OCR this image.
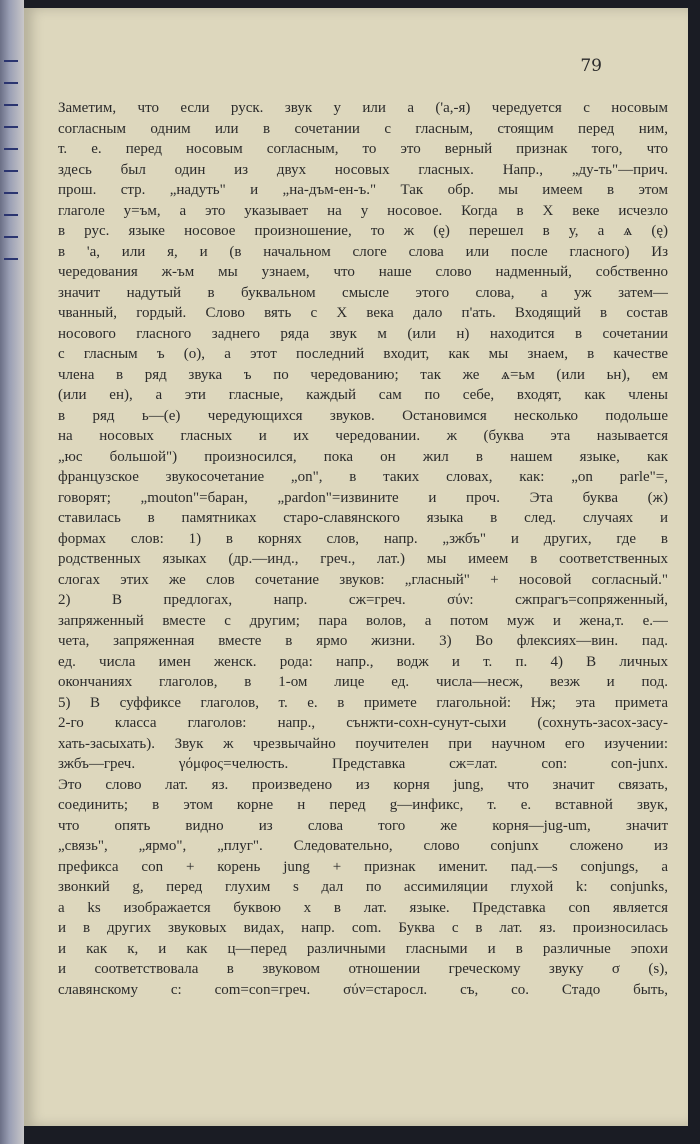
79
Заметим, что если руск. звук у или а ('а,-я) чередуется с носовым
согласным одним или в сочетании с гласным, стоящим перед ним,
т. е. перед носовым согласным, то это верный признак того, что
здесь был один из двух носовых гласных. Напр., „ду-ть"—прич.
прош. стр. „надуть" и „на-дъм-ен-ъ." Так обр. мы имеем в этом
глаголе у=ъм, а это указывает на у носовое. Когда в X веке исчезло
в рус. языке носовое произношение, то ж (ę) перешел в у, а ѧ (ę)
в 'а, или я, и (в начальном слоге слова или после гласного) Из
чередования ж-ъм мы узнаем, что наше слово надменный, собственно
значит надутый в буквальном смысле этого слова, а уж затем—
чванный, гордый. Слово вять с X века дало п'ать. Входящий в состав
носового гласного заднего ряда звук м (или н) находится в сочетании
с гласным ъ (о), а этот последний входит, как мы знаем, в качестве
члена в ряд звука ъ по чередованию; так же ѧ=ьм (или ьн), ем
(или ен), а эти гласные, каждый сам по себе, входят, как члены
в ряд ь—(е) чередующихся звуков. Остановимся несколько подольше
на носовых гласных и их чередовании. ж (буква эта называется
„юс большой") произносился, пока он жил в нашем языке, как
французское звукосочетание „on", в таких словах, как: „on parle"=,
говорят; „mouton"=баран, „pardon"=извините и проч. Эта буква (ж)
ставилась в памятниках старо-славянского языка в след. случаях и
формах слов: 1) в корнях слов, напр. „зжбъ" и других, где в
родственных языках (др.—инд., греч., лат.) мы имеем в соответственных
слогах этих же слов сочетание звуков: „гласный" + носовой согласный."
2) В предлогах, напр. сж=греч. σύν: сжпрагъ=сопряженный,
запряженный вместе с другим; пара волов, а потом муж и жена,т. е.—
чета, запряженная вместе в ярмо жизни. 3) Во флексиях—вин. пад.
ед. числа имен женск. рода: напр., водж и т. п. 4) В личных
окончаниях глаголов, в 1-ом лице ед. числа—несж, везж и под.
5) В суффиксе глаголов, т. е. в примете глагольной: Нж; эта примета
2-го класса глаголов: напр., сънжти-сохн-сунут-сыхи (сохнуть-засох-засу-
хать-засыхать). Звук ж чрезвычайно поучителен при научном его изучении:
зжбъ—греч. γόμφος=челюсть. Представка сж=лат. con: con-junx.
Это слово лат. яз. произведено из корня jung, что значит связать,
соединить; в этом корне н перед g—инфикс, т. е. вставной звук,
что опять видно из слова того же корня—jug-um, значит
„связь", „ярмо", „плуг". Следовательно, слово conjunx сложено из
префикса con + корень jung + признак именит. пад.—s conjungs, а
звонкий g, перед глухим s дал по ассимиляции глухой k: conjunks,
а ks изображается буквою x в лат. языке. Представка con является
и в других звуковых видах, напр. com. Буква с в лат. яз. произносилась
и как к, и как ц—перед различными гласными и в различные эпохи
и соответствовала в звуковом отношении греческому звуку σ (s),
славянскому с: com=con=греч. σύν=старосл. съ, со. Стадо быть,
